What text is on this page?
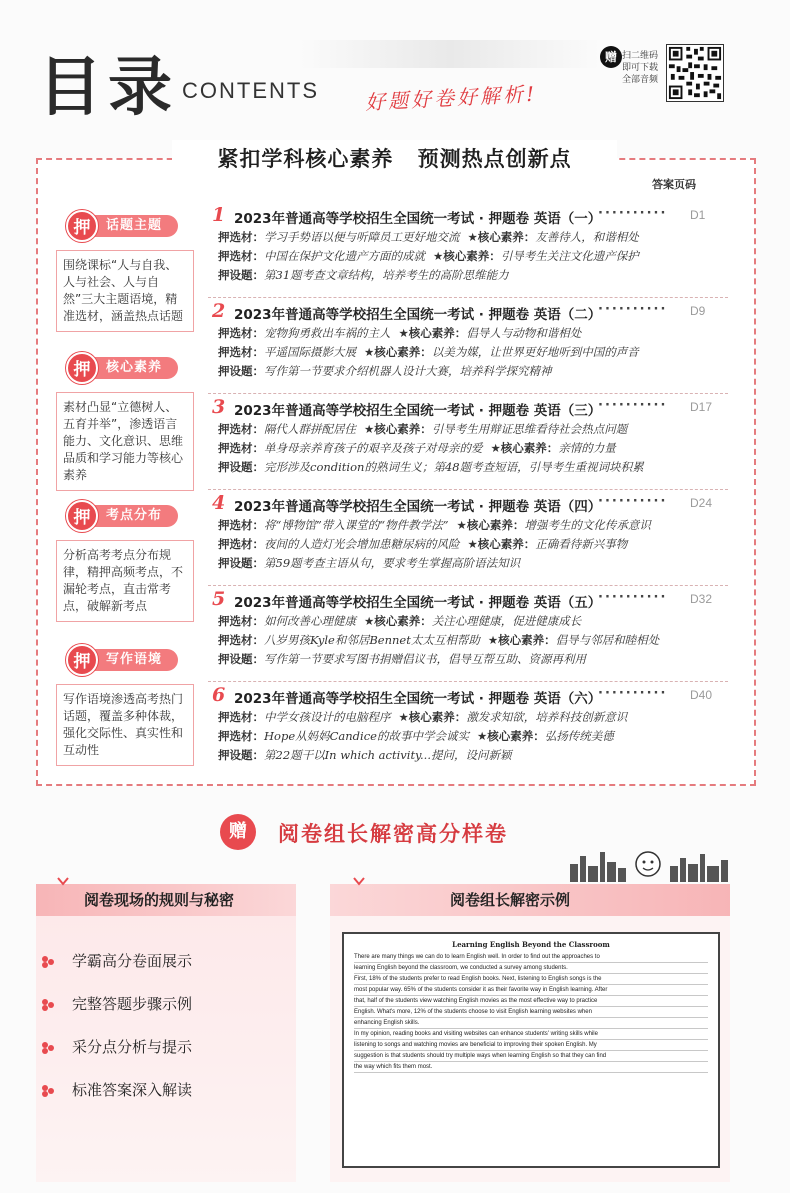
目录 CONTENTS 好题好卷好解析!
赠 扫二维码即可下载全部音频
紧扣学科核心素养 预测热点创新点
答案页码
押	话题主题
围绕课标“人与自我、人与社会、人与自然”三大主题语境，精准选材，涵盖热点话题
押	核心素养
素材凸显“立德树人、五育并举”，渗透语言能力、文化意识、思维品质和学习能力等核心素养
押	考点分布
分析高考考点分布规律，精押高频考点，不漏轮考点，直击常考点，破解新考点
押	写作语境
写作语境渗透高考热门话题，覆盖多种体裁，强化交际性、真实性和互动性
1 2023年普通高等学校招生全国统一考试 · 押题卷 英语（一）
··········	D1
押选材：学习手势语以便与听障员工更好地交流 ★核心素养：友善待人，和谐相处
押选材：中国在保护文化遗产方面的成就 ★核心素养：引导考生关注文化遗产保护
押设题：第31题考查文章结构，培养考生的高阶思维能力
2 2023年普通高等学校招生全国统一考试 · 押题卷 英语（二）
··········	D9
押选材：宠物狗勇救出车祸的主人 ★核心素养：倡导人与动物和谐相处
押选材：平遥国际摄影大展 ★核心素养：以美为媒，让世界更好地听到中国的声音
押设题：写作第一节要求介绍机器人设计大赛，培养科学探究精神
3 2023年普通高等学校招生全国统一考试 · 押题卷 英语（三）
··········	D17
押选材：隔代人群拼配居住 ★核心素养：引导考生用辩证思维看待社会热点问题
押选材：单身母亲养育孩子的艰辛及孩子对母亲的爱 ★核心素养：亲情的力量
押设题：完形涉及condition的熟词生义；第48题考查短语，引导考生重视词块积累
4 2023年普通高等学校招生全国统一考试 · 押题卷 英语（四）
··········	D24
押选材：将“博物馆”带入课堂的“物件教学法” ★核心素养：增强考生的文化传承意识
押选材：夜间的人造灯光会增加患糖尿病的风险 ★核心素养：正确看待新兴事物
押设题：第59题考查主语从句，要求考生掌握高阶语法知识
5 2023年普通高等学校招生全国统一考试 · 押题卷 英语（五）
··········	D32
押选材：如何改善心理健康 ★核心素养：关注心理健康，促进健康成长
押选材：八岁男孩Kyle和邻居Bennet太太互相帮助 ★核心素养：倡导与邻居和睦相处
押设题：写作第一节要求写图书捐赠倡议书，倡导互帮互助、资源再利用
6 2023年普通高等学校招生全国统一考试 · 押题卷 英语（六）
··········	D40
押选材：中学女孩设计的电脑程序 ★核心素养：激发求知欲，培养科技创新意识
押选材：Hope从妈妈Candice的故事中学会诚实 ★核心素养：弘扬传统美德
押设题：第22题干以In which activity...提问，设问新颖
赠	阅卷组长解密高分样卷
阅卷现场的规则与秘密
学霸高分卷面展示
完整答题步骤示例
采分点分析与提示
标准答案深入解读
阅卷组长解密示例
Learning English Beyond the Classroom
There are many things we can do to learn English well. In order to find out the approaches to
learning English beyond the classroom, we conducted a survey among students.
First, 18% of the students prefer to read English books. Next, listening to English songs is the
most popular way. 65% of the students consider it as their favorite way in English learning. After
that, half of the students view watching English movies as the most effective way to practice
English. What's more, 12% of the students choose to visit English learning websites when
enhancing English skills.
In my opinion, reading books and visiting websites can enhance students' writing skills while
listening to songs and watching movies are beneficial to improving their spoken English. My
suggestion is that students should try multiple ways when learning English so that they can find
the way which fits them most.
